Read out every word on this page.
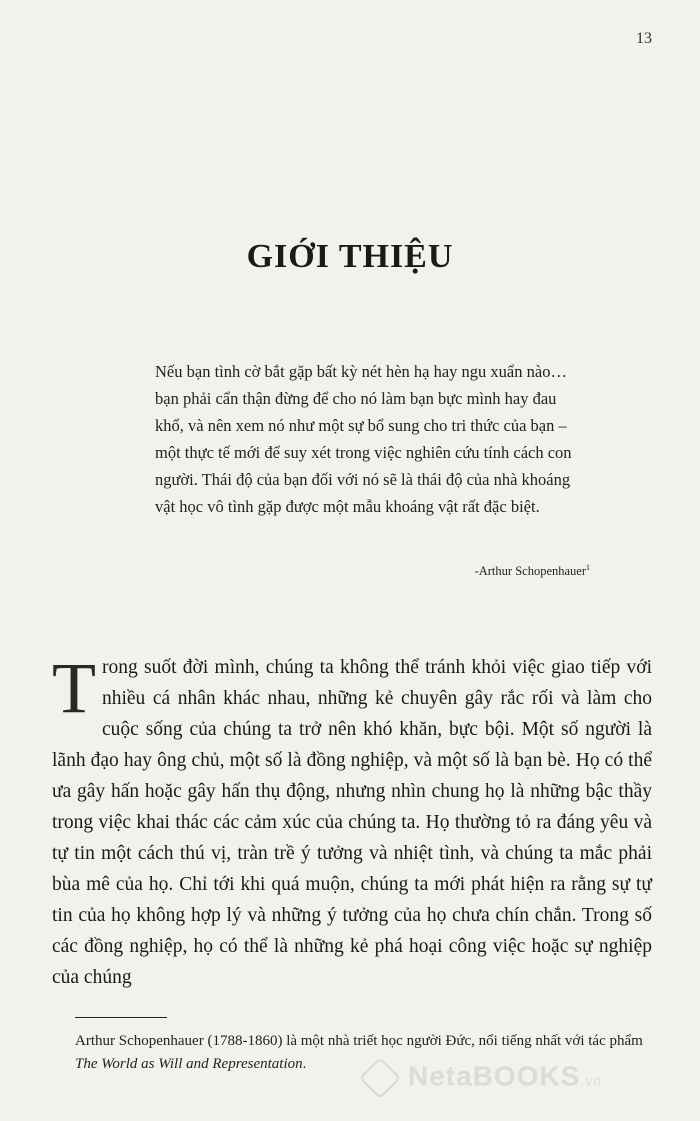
13
GIỚI THIỆU
Nếu bạn tình cờ bắt gặp bất kỳ nét hèn hạ hay ngu xuẩn nào… bạn phải cẩn thận đừng để cho nó làm bạn bực mình hay đau khổ, và nên xem nó như một sự bổ sung cho tri thức của bạn – một thực tế mới để suy xét trong việc nghiên cứu tính cách con người. Thái độ của bạn đối với nó sẽ là thái độ của nhà khoáng vật học vô tình gặp được một mẫu khoáng vật rất đặc biệt.
-Arthur Schopenhauer$^1$
T rong suốt đời mình, chúng ta không thể tránh khỏi việc giao tiếp với nhiều cá nhân khác nhau, những kẻ chuyên gây rắc rối và làm cho cuộc sống của chúng ta trở nên khó khăn, bực bội. Một số người là lãnh đạo hay ông chủ, một số là đồng nghiệp, và một số là bạn bè. Họ có thể ưa gây hấn hoặc gây hấn thụ động, nhưng nhìn chung họ là những bậc thầy trong việc khai thác các cảm xúc của chúng ta. Họ thường tỏ ra đáng yêu và tự tin một cách thú vị, tràn trề ý tưởng và nhiệt tình, và chúng ta mắc phải bùa mê của họ. Chỉ tới khi quá muộn, chúng ta mới phát hiện ra rằng sự tự tin của họ không hợp lý và những ý tưởng của họ chưa chín chắn. Trong số các đồng nghiệp, họ có thể là những kẻ phá hoại công việc hoặc sự nghiệp của chúng
Arthur Schopenhauer (1788-1860) là một nhà triết học người Đức, nổi tiếng nhất với tác phẩm The World as Will and Representation.	NetaBOOKS.vn
